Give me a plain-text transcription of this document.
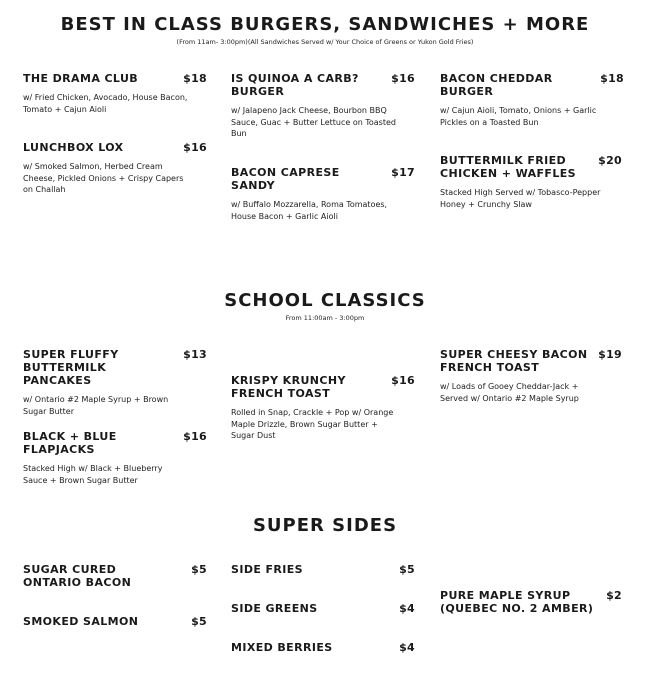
BEST IN CLASS BURGERS, SANDWICHES + MORE

(From 11am- 3:00pm)(All Sandwiches Served w/ Your Choice of Greens or Yukon Gold Fries)

THE DRAMA CLUB	$18
w/ Fried Chicken, Avocado, House Bacon, Tomato + Cajun Aioli
LUNCHBOX LOX	$16
w/ Smoked Salmon, Herbed Cream Cheese, Pickled Onions + Crispy Capers on Challah
IS QUINOA A CARB? BURGER
$16
w/ Jalapeno Jack Cheese, Bourbon BBQ Sauce, Guac + Butter Lettuce on Toasted Bun
BACON CAPRESE SANDY
$17
w/ Buffalo Mozzarella, Roma Tomatoes, House Bacon + Garlic Aioli
BACON CHEDDAR BURGER
$18
w/ Cajun Aioli, Tomato, Onions + Garlic Pickles on a Toasted Bun
BUTTERMILK FRIED CHICKEN + WAFFLES
$20
Stacked High Served w/ Tobasco-Pepper Honey + Crunchy Slaw
SCHOOL CLASSICS

From 11:00am - 3:00pm

SUPER FLUFFY BUTTERMILK PANCAKES
$13
w/ Ontario #2 Maple Syrup + Brown Sugar Butter
BLACK + BLUE FLAPJACKS
$16
Stacked High w/ Black + Blueberry Sauce + Brown Sugar Butter
KRISPY KRUNCHY FRENCH TOAST
$16
Rolled in Snap, Crackle + Pop w/ Orange Maple Drizzle, Brown Sugar Butter + Sugar Dust
SUPER CHEESY BACON FRENCH TOAST
$19
w/ Loads of Gooey Cheddar-Jack + Served w/ Ontario #2 Maple Syrup
SUPER SIDES
SUGAR CURED ONTARIO BACON
$5
SMOKED SALMON	$5
SIDE FRIES	$5
SIDE GREENS	$4
MIXED BERRIES	$4
PURE MAPLE SYRUP (QUEBEC NO. 2 AMBER)
$2
